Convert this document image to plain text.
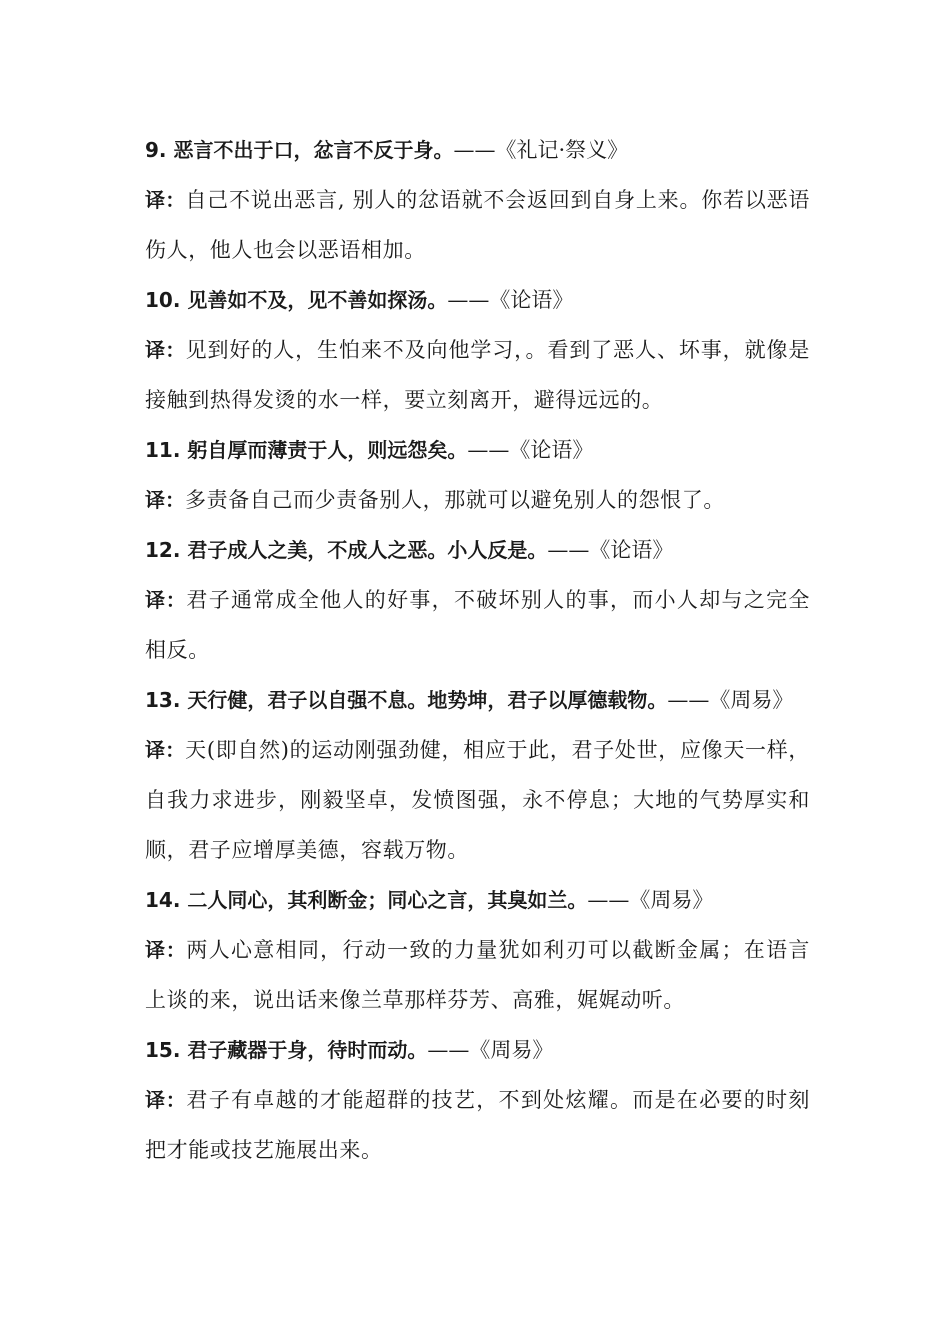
9. 恶言不出于口，忿言不反于身。——《礼记·祭义》

译：自己不说出恶言, 别人的忿语就不会返回到自身上来。你若以恶语伤人，他人也会以恶语相加。

10. 见善如不及，见不善如探汤。——《论语》

译：见到好的人，生怕来不及向他学习，。看到了恶人、坏事，就像是接触到热得发烫的水一样，要立刻离开，避得远远的。

11. 躬自厚而薄责于人，则远怨矣。——《论语》

译：多责备自己而少责备别人，那就可以避免别人的怨恨了。

12. 君子成人之美，不成人之恶。小人反是。——《论语》

译：君子通常成全他人的好事，不破坏别人的事，而小人却与之完全相反。

13. 天行健，君子以自强不息。地势坤，君子以厚德载物。——《周易》

译：天(即自然)的运动刚强劲健，相应于此，君子处世，应像天一样，自我力求进步，刚毅坚卓，发愤图强，永不停息；大地的气势厚实和顺，君子应增厚美德，容载万物。

14. 二人同心，其利断金；同心之言，其臭如兰。——《周易》

译：两人心意相同，行动一致的力量犹如利刃可以截断金属；在语言上谈的来，说出话来像兰草那样芬芳、高雅，娓娓动听。

15. 君子藏器于身，待时而动。——《周易》

译：君子有卓越的才能超群的技艺，不到处炫耀。而是在必要的时刻把才能或技艺施展出来。
